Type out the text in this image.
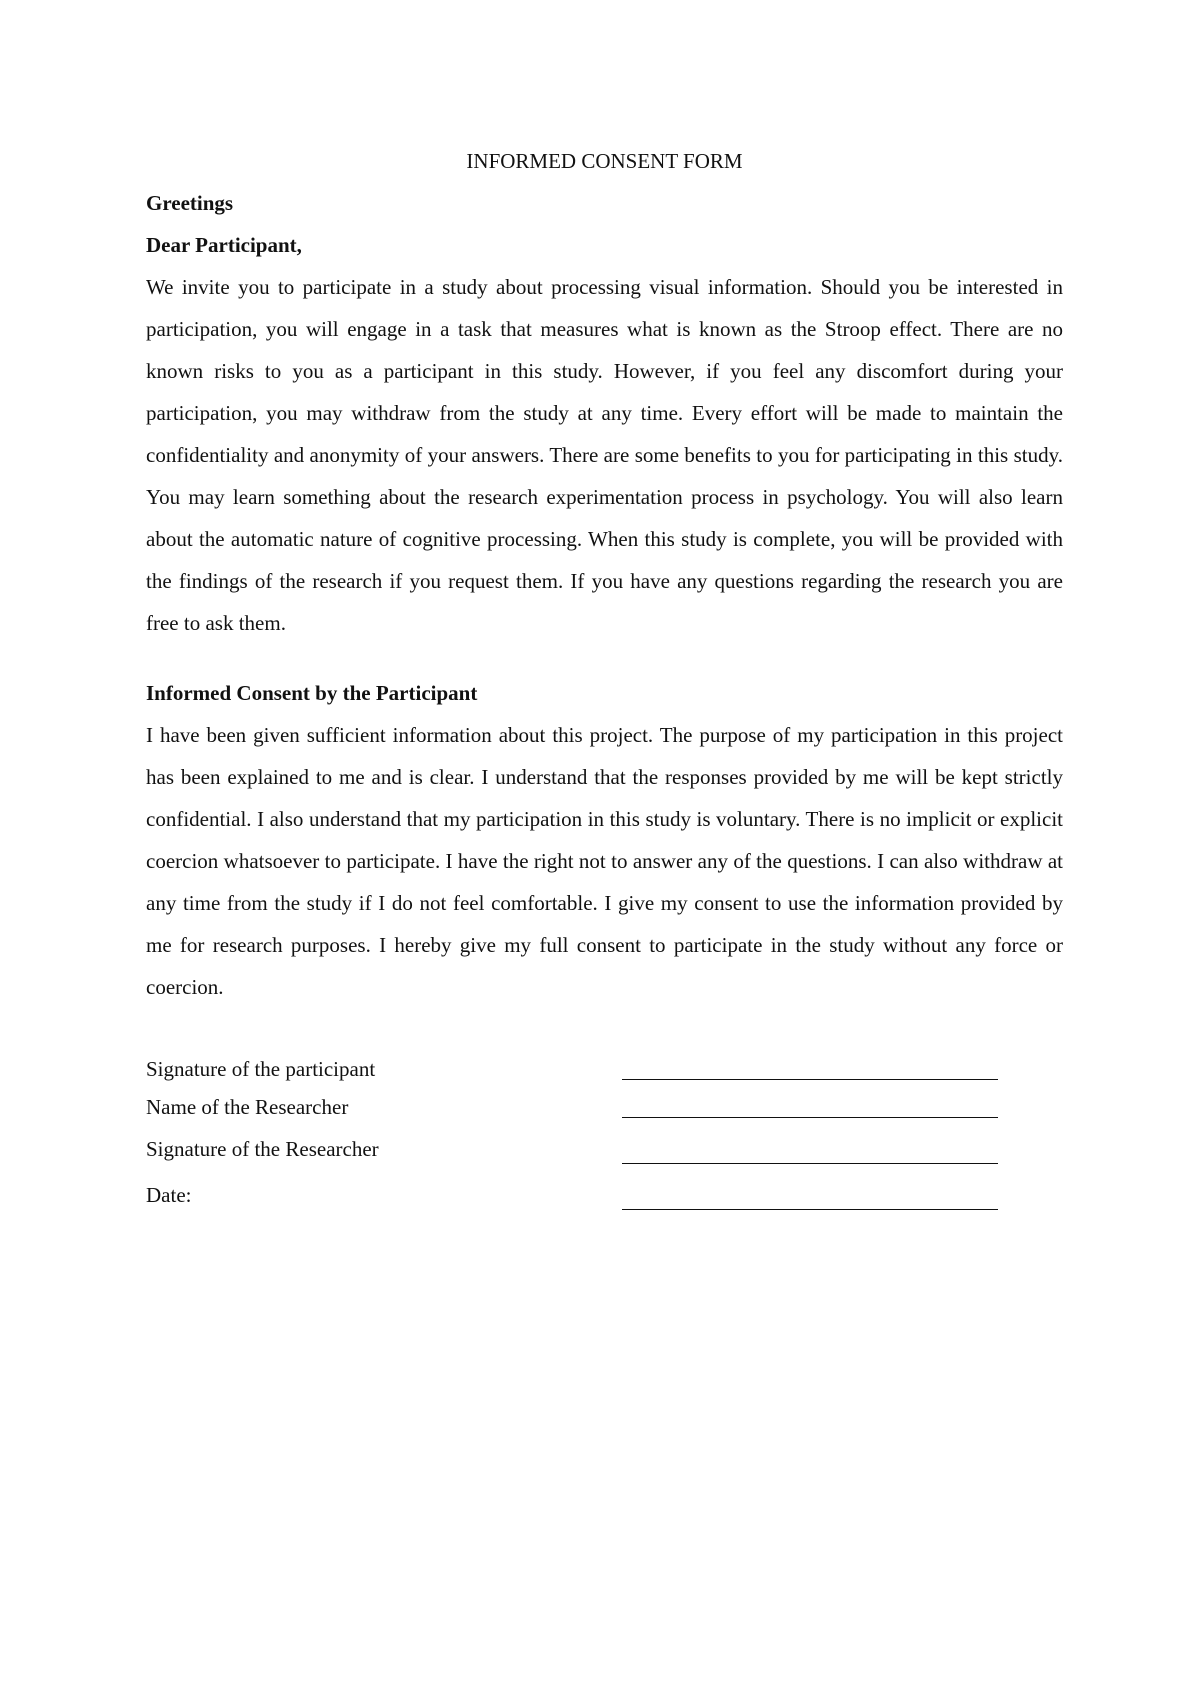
INFORMED CONSENT FORM

Greetings

Dear Participant,

We invite you to participate in a study about processing visual information. Should you be interested in participation, you will engage in a task that measures what is known as the Stroop effect. There are no known risks to you as a participant in this study. However, if you feel any discomfort during your participation, you may withdraw from the study at any time. Every effort will be made to maintain the confidentiality and anonymity of your answers. There are some benefits to you for participating in this study. You may learn something about the research experimentation process in psychology. You will also learn about the automatic nature of cognitive processing. When this study is complete, you will be provided with the findings of the research if you request them. If you have any questions regarding the research you are free to ask them.

Informed Consent by the Participant

I have been given sufficient information about this project. The purpose of my participation in this project has been explained to me and is clear. I understand that the responses provided by me will be kept strictly confidential. I also understand that my participation in this study is voluntary. There is no implicit or explicit coercion whatsoever to participate. I have the right not to answer any of the questions. I can also withdraw at any time from the study if I do not feel comfortable. I give my consent to use the information provided by me for research purposes. I hereby give my full consent to participate in the study without any force or coercion.

Signature of the participant
Name of the Researcher
Signature of the Researcher
Date:
